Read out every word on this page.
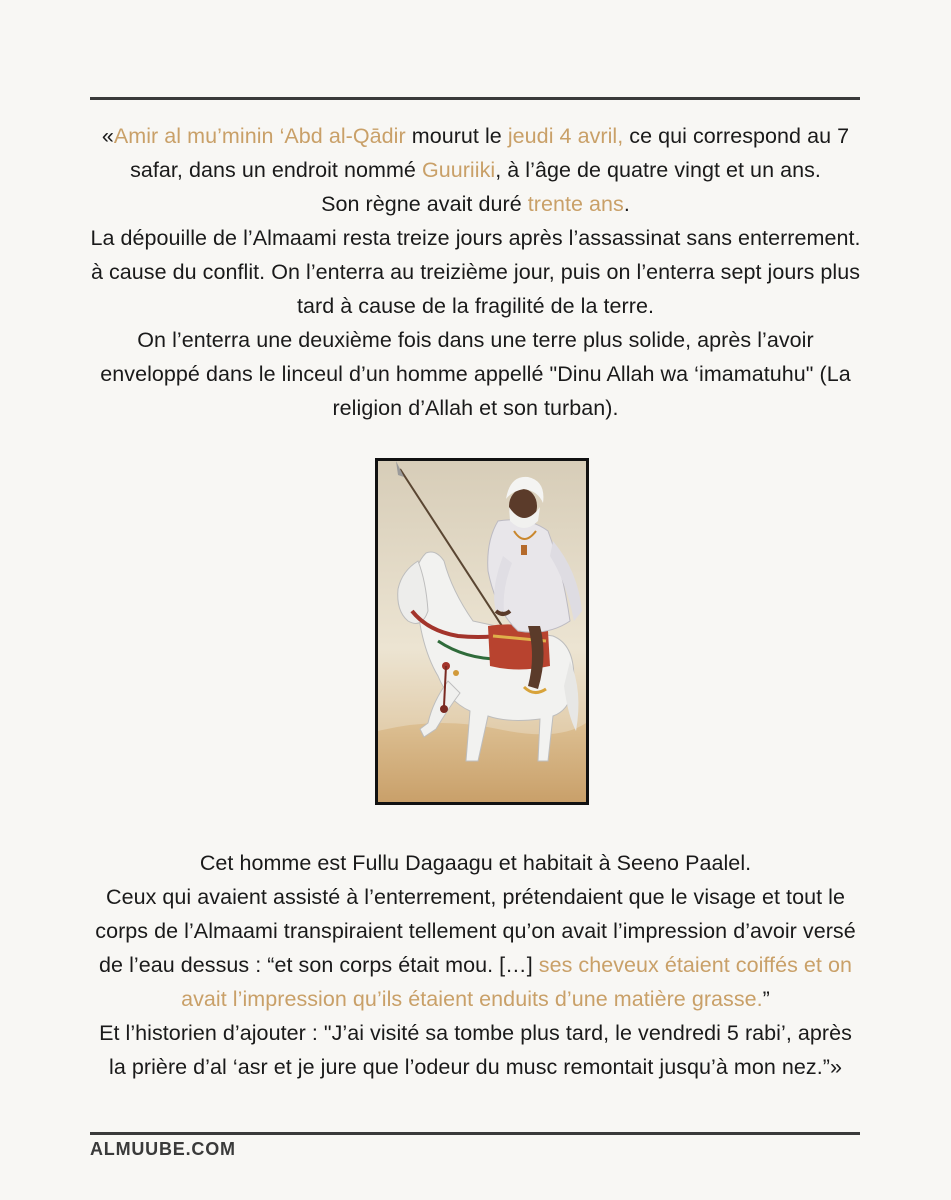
«Amir al mu’minin ‘Abd al-Qādir mourut le jeudi 4 avril, ce qui correspond au 7
safar, dans un endroit nommé Guuriiki, à l’âge de quatre vingt et un ans.
Son règne avait duré trente ans.
La dépouille de l’Almaami resta treize jours après l’assassinat sans enterrement.
à cause du conflit. On l’enterra au treizième jour, puis on l’enterra sept jours plus
tard à cause de la fragilité de la terre.
On l’enterra une deuxième fois dans une terre plus solide, après l’avoir
enveloppé dans le linceul d’un homme appellé "Dinu Allah wa ‘imamatuhu" (La
religion d’Allah et son turban).
Cet homme est Fullu Dagaagu et habitait à Seeno Paalel.
Ceux qui avaient assisté à l’enterrement, prétendaient que le visage et tout le
corps de l’Almaami transpiraient tellement qu’on avait l’impression d’avoir versé
de l’eau dessus : “et son corps était mou. […] ses cheveux étaient coiffés et on
avait l’impression qu’ils étaient enduits d’une matière grasse.”
Et l’historien d’ajouter : "J’ai visité sa tombe plus tard, le vendredi 5 rabi’, après
la prière d’al ‘asr et je jure que l’odeur du musc remontait jusqu’à mon nez.”»
ALMUUBE.COM
